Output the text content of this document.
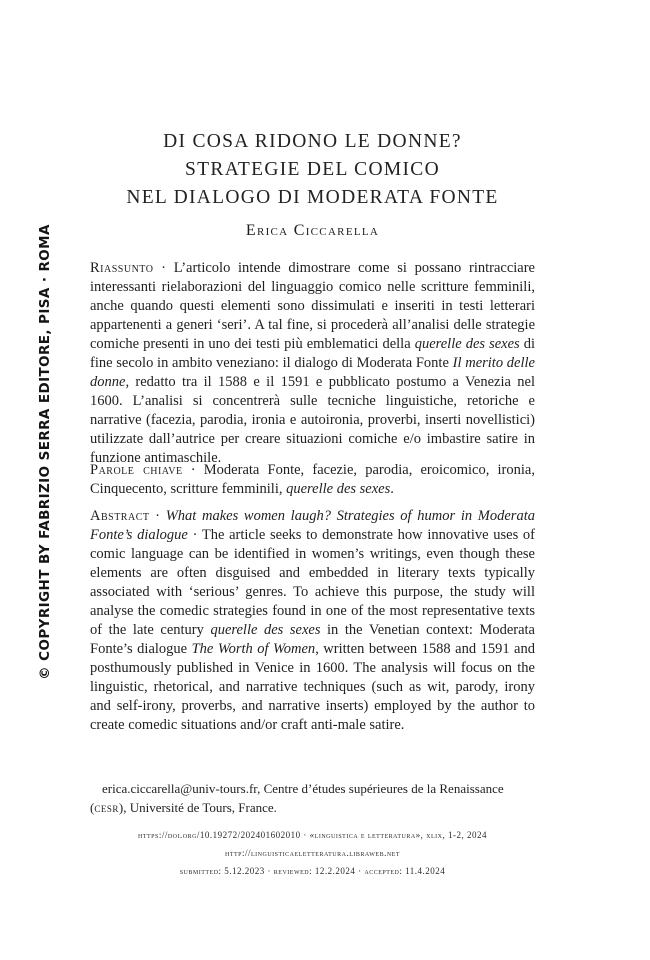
© COPYRIGHT BY FABRIZIO SERRA EDITORE, PISA · ROMA
DI COSA RIDONO LE DONNE?
STRATEGIE DEL COMICO
NEL DIALOGO DI MODERATA FONTE
Erica Ciccarella
Riassunto · L’articolo intende dimostrare come si possano rintracciare interessanti rielaborazioni del linguaggio comico nelle scritture femminili, anche quando questi elementi sono dissimulati e inseriti in testi letterari appartenenti a generi ‘seri’. A tal fine, si procederà all’analisi delle strategie comiche presenti in uno dei testi più emblematici della querelle des sexes di fine secolo in ambito veneziano: il dialogo di Moderata Fonte Il merito delle donne, redatto tra il 1588 e il 1591 e pubblicato postumo a Venezia nel 1600. L’analisi si concentrerà sulle tecniche linguistiche, retoriche e narrative (facezia, parodia, ironia e autoironia, proverbi, inserti novellistici) utilizzate dall’autrice per creare situazioni comiche e/o imbastire satire in funzione antimaschile.
Parole chiave · Moderata Fonte, facezie, parodia, eroicomico, ironia, Cinquecento, scritture femminili, querelle des sexes.
Abstract · What makes women laugh? Strategies of humor in Moderata Fonte’s dialogue · The article seeks to demonstrate how innovative uses of comic language can be identified in women’s writings, even though these elements are often disguised and embedded in literary texts typically associated with ‘serious’ genres. To achieve this purpose, the study will analyse the comedic strategies found in one of the most representative texts of the late century querelle des sexes in the Venetian context: Moderata Fonte’s dialogue The Worth of Women, written between 1588 and 1591 and posthumously published in Venice in 1600. The analysis will focus on the linguistic, rhetorical, and narrative techniques (such as wit, parody, irony and self-irony, proverbs, and narrative inserts) employed by the author to create comedic situations and/or craft anti-male satire.
erica.ciccarella@univ-tours.fr, Centre d’études supérieures de la Renaissance (cesr), Université de Tours, France.
https://doi.org/10.19272/202401602010 · «linguistica e letteratura», xlix, 1-2, 2024
http://linguisticaeletteratura.libraweb.net
submitted: 5.12.2023 · reviewed: 12.2.2024 · accepted: 11.4.2024
